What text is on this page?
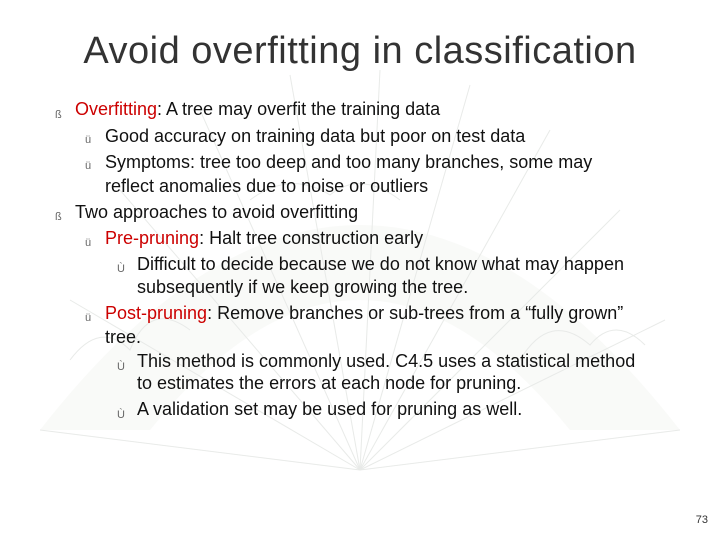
Avoid overfitting in classification
ß Overfitting: A tree may overfit the training data
ü Good accuracy on training data but poor on test data
ü Symptoms: tree too deep and too many branches, some may
reflect anomalies due to noise or outliers
ß Two approaches to avoid overfitting
ü Pre-pruning: Halt tree construction early
Ù Difficult to decide because we do not know what may happen
subsequently if we keep growing the tree.
ü Post-pruning: Remove branches or sub-trees from a “fully grown”
tree.
Ù This method is commonly used. C4.5 uses a statistical method
to estimates the errors at each node for pruning.
Ù A validation set may be used for pruning as well.
73
